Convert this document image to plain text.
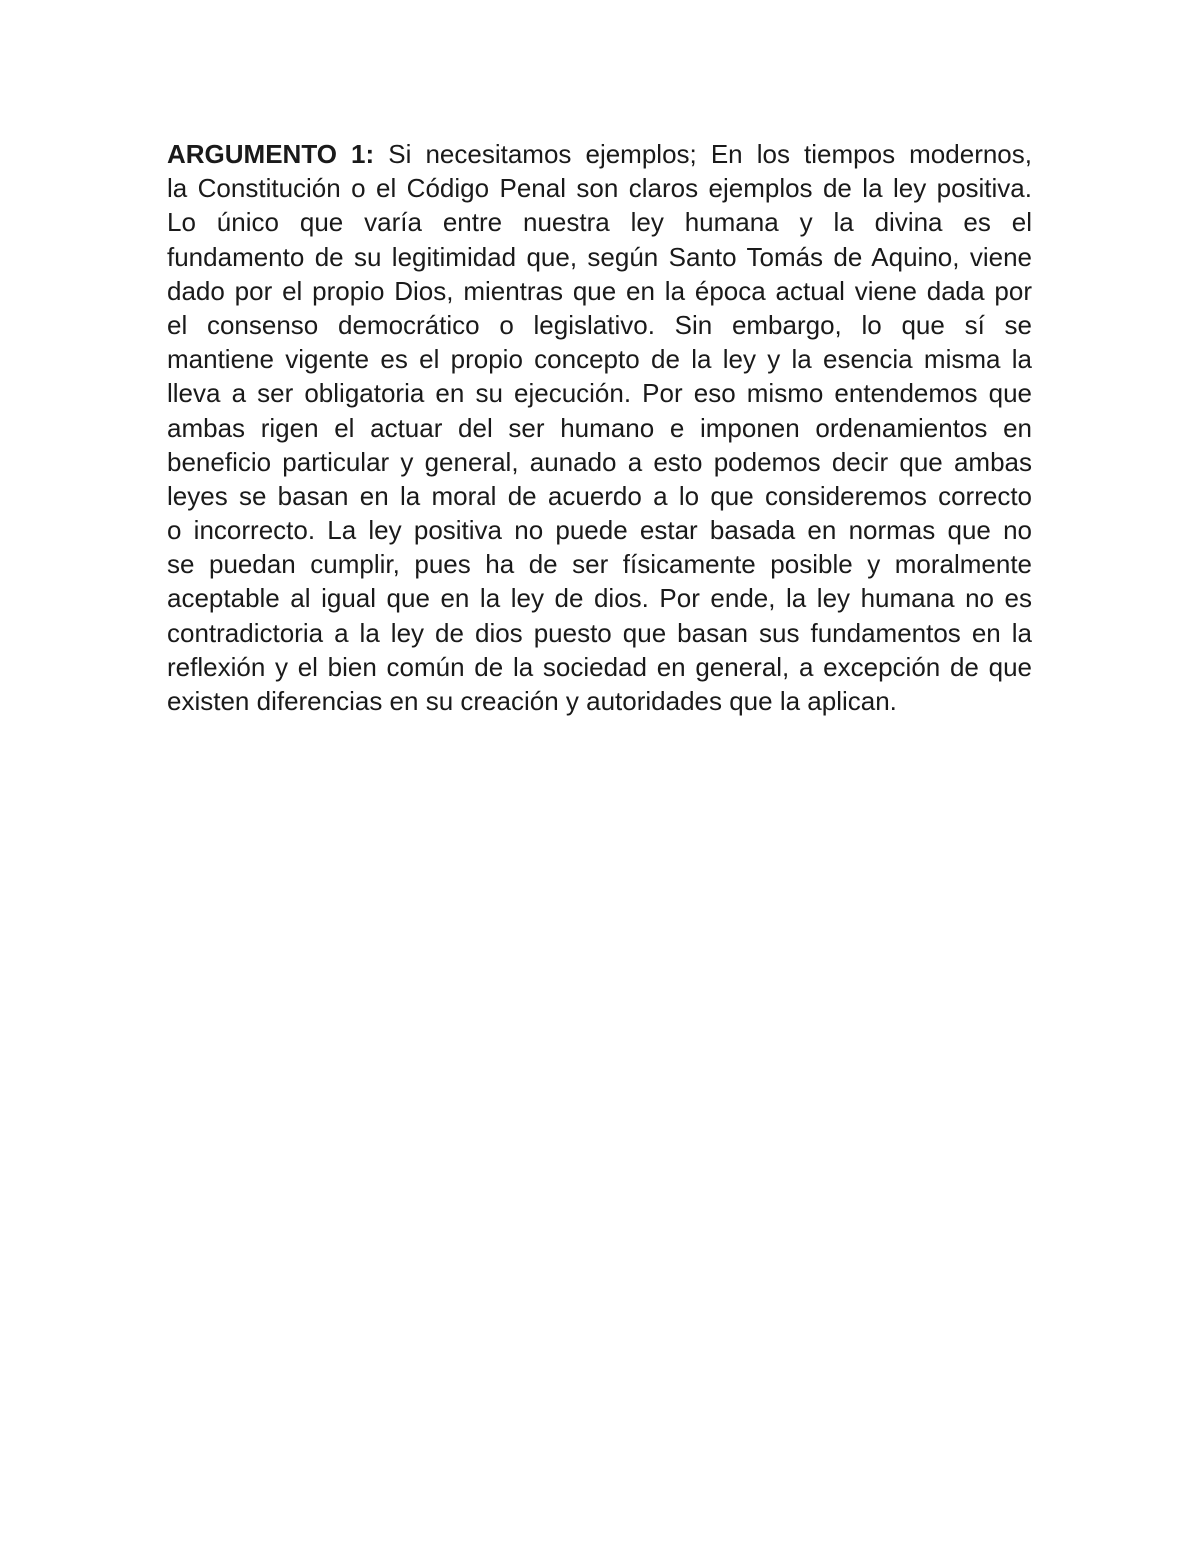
ARGUMENTO 1: Si necesitamos ejemplos; En los tiempos modernos,
la Constitución o el Código Penal son claros ejemplos de la ley positiva.
Lo único que varía entre nuestra ley humana y la divina es el
fundamento de su legitimidad que, según Santo Tomás de Aquino, viene
dado por el propio Dios, mientras que en la época actual viene dada por
el consenso democrático o legislativo. Sin embargo, lo que sí se
mantiene vigente es el propio concepto de la ley y la esencia misma la
lleva a ser obligatoria en su ejecución. Por eso mismo entendemos que
ambas rigen el actuar del ser humano e imponen ordenamientos en
beneficio particular y general, aunado a esto podemos decir que ambas
leyes se basan en la moral de acuerdo a lo que consideremos correcto
o incorrecto. La ley positiva no puede estar basada en normas que no
se puedan cumplir, pues ha de ser físicamente posible y moralmente
aceptable al igual que en la ley de dios. Por ende, la ley humana no es
contradictoria a la ley de dios puesto que basan sus fundamentos en la
reflexión y el bien común de la sociedad en general, a excepción de que
existen diferencias en su creación y autoridades que la aplican.
